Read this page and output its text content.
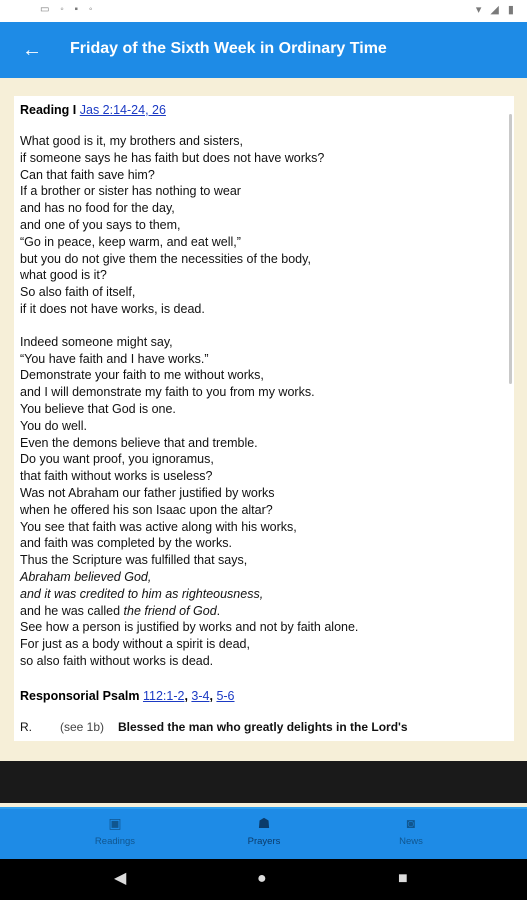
▭ ◦ ▪ ◦	▾ ◢ ▮
← Friday of the Sixth Week in Ordinary Time
Reading I Jas 2:14-24, 26
What good is it, my brothers and sisters,
if someone says he has faith but does not have works?
Can that faith save him?
If a brother or sister has nothing to wear
and has no food for the day,
and one of you says to them,
“Go in peace, keep warm, and eat well,”
but you do not give them the necessities of the body,
what good is it?
So also faith of itself,
if it does not have works, is dead.
Indeed someone might say,
“You have faith and I have works.”
Demonstrate your faith to me without works,
and I will demonstrate my faith to you from my works.
You believe that God is one.
You do well.
Even the demons believe that and tremble.
Do you want proof, you ignoramus,
that faith without works is useless?
Was not Abraham our father justified by works
when he offered his son Isaac upon the altar?
You see that faith was active along with his works,
and faith was completed by the works.
Thus the Scripture was fulfilled that says,
Abraham believed God,
and it was credited to him as righteousness,
and he was called the friend of God.
See how a person is justified by works and not by faith alone.
For just as a body without a spirit is dead,
so also faith without works is dead.
Responsorial Psalm 112:1-2, 3-4, 5-6
R. (see 1b) Blessed the man who greatly delights in the Lord's
▣
Readings
☗
Prayers
◙
News
◀	●	■
